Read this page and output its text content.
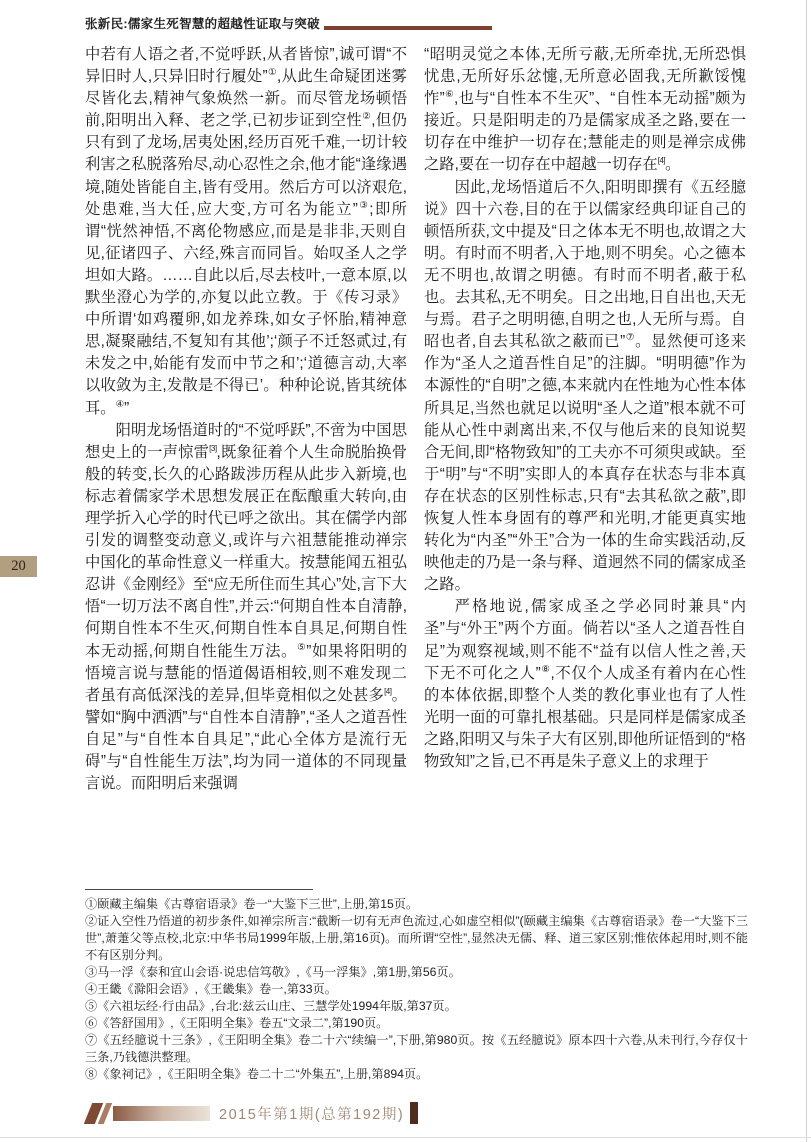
张新民:儒家生死智慧的超越性证取与突破

中若有人语之者,不觉呼跃,从者皆惊”,诚可谓“不异旧时人,只异旧时行履处”①,从此生命疑团迷雾尽皆化去,精神气象焕然一新。而尽管龙场顿悟前,阳明出入释、老之学,已初步证到空性②,但仍只有到了龙场,居夷处困,经历百死千难,一切计较利害之私脱落殆尽,动心忍性之余,他才能“逢缘遇境,随处皆能自主,皆有受用。然后方可以济艰危,处患难,当大任,应大变,方可名为能立”③;即所谓“恍然神悟,不离伦物感应,而是是非非,天则自见,征诸四子、六经,殊言而同旨。始叹圣人之学坦如大路。……自此以后,尽去枝叶,一意本原,以默坐澄心为学的,亦复以此立教。于《传习录》中所谓‘如鸡覆卵,如龙养珠,如女子怀胎,精神意思,凝聚融结,不复知有其他’;‘颜子不迁怒贰过,有未发之中,始能有发而中节之和’;‘道德言动,大率以收敛为主,发散是不得已’。种种论说,皆其统体耳。④”

阳明龙场悟道时的“不觉呼跃”,不啻为中国思想史上的一声惊雷[3],既象征着个人生命脱胎换骨般的转变,长久的心路跋涉历程从此步入新境,也标志着儒家学术思想发展正在酝酿重大转向,由理学折入心学的时代已呼之欲出。其在儒学内部引发的调整变动意义,或许与六祖慧能推动禅宗中国化的革命性意义一样重大。按慧能闻五祖弘忍讲《金刚经》至“应无所住而生其心”处,言下大悟“一切万法不离自性”,并云:“何期自性本自清静,何期自性本不生灭,何期自性本自具足,何期自性本无动摇,何期自性能生万法。⑤”如果将阳明的悟境言说与慧能的悟道偈语相较,则不难发现二者虽有高低深浅的差异,但毕竟相似之处甚多[4]。譬如“胸中洒洒”与“自性本自清静”,“圣人之道吾性自足”与“自性本自具足”,“此心全体方是流行无碍”与“自性能生万法”,均为同一道体的不同现量言说。而阳明后来强调

“昭明灵觉之本体,无所亏蔽,无所牵扰,无所恐惧忧患,无所好乐忿懥,无所意必固我,无所歉馁愧怍”⑥,也与“自性本不生灭”、“自性本无动摇”颇为接近。只是阳明走的乃是儒家成圣之路,要在一切存在中维护一切存在;慧能走的则是禅宗成佛之路,要在一切存在中超越一切存在[4]。

因此,龙场悟道后不久,阳明即撰有《五经臆说》四十六卷,目的在于以儒家经典印证自己的顿悟所获,文中提及“日之体本无不明也,故谓之大明。有时而不明者,入于地,则不明矣。心之德本无不明也,故谓之明德。有时而不明者,蔽于私也。去其私,无不明矣。日之出地,日自出也,天无与焉。君子之明明德,自明之也,人无所与焉。自昭也者,自去其私欲之蔽而已”⑦。显然便可迻来作为“圣人之道吾性自足”的注脚。“明明德”作为本源性的“自明”之德,本来就内在性地为心性本体所具足,当然也就足以说明“圣人之道”根本就不可能从心性中剥离出来,不仅与他后来的良知说契合无间,即“格物致知”的工夫亦不可须臾或缺。至于“明”与“不明”实即人的本真存在状态与非本真存在状态的区别性标志,只有“去其私欲之蔽”,即恢复人性本身固有的尊严和光明,才能更真实地转化为“内圣”“外王”合为一体的生命实践活动,反映他走的乃是一条与释、道迥然不同的儒家成圣之路。

严格地说,儒家成圣之学必同时兼具“内圣”与“外王”两个方面。倘若以“圣人之道吾性自足”为观察视域,则不能不“益有以信人性之善,天下无不可化之人”⑧,不仅个人成圣有着内在心性的本体依据,即整个人类的教化事业也有了人性光明一面的可靠扎根基础。只是同样是儒家成圣之路,阳明又与朱子大有区别,即他所证悟到的“格物致知”之旨,已不再是朱子意义上的求理于

20

①颐藏主编集《古尊宿语录》卷一“大鉴下三世”,上册,第15页。

②证入空性乃悟道的初步条件,如禅宗所言:“截断一切有无声色流过,心如虚空相似”(颐藏主编集《古尊宿语录》卷一“大鉴下三世”,萧萐父等点校,北京:中华书局1999年版,上册,第16页)。而所谓“空性”,显然决无儒、释、道三家区别;惟依体起用时,则不能不有区别分判。

③马一浮《泰和宜山会语·说忠信笃敬》,《马一浮集》,第1册,第56页。

④王畿《滁阳会语》,《王畿集》卷一,第33页。

⑤《六祖坛经·行由品》,台北:兹云山庄、三慧学处1994年版,第37页。

⑥《答舒国用》,《王阳明全集》卷五“文录二”,第190页。

⑦《五经臆说十三条》,《王阳明全集》卷二十六“续编一”,下册,第980页。按《五经臆说》原本四十六卷,从未刊行,今存仅十三条,乃钱德洪整理。

⑧《象祠记》,《王阳明全集》卷二十二“外集五”,上册,第894页。

2015年第1期(总第192期)
